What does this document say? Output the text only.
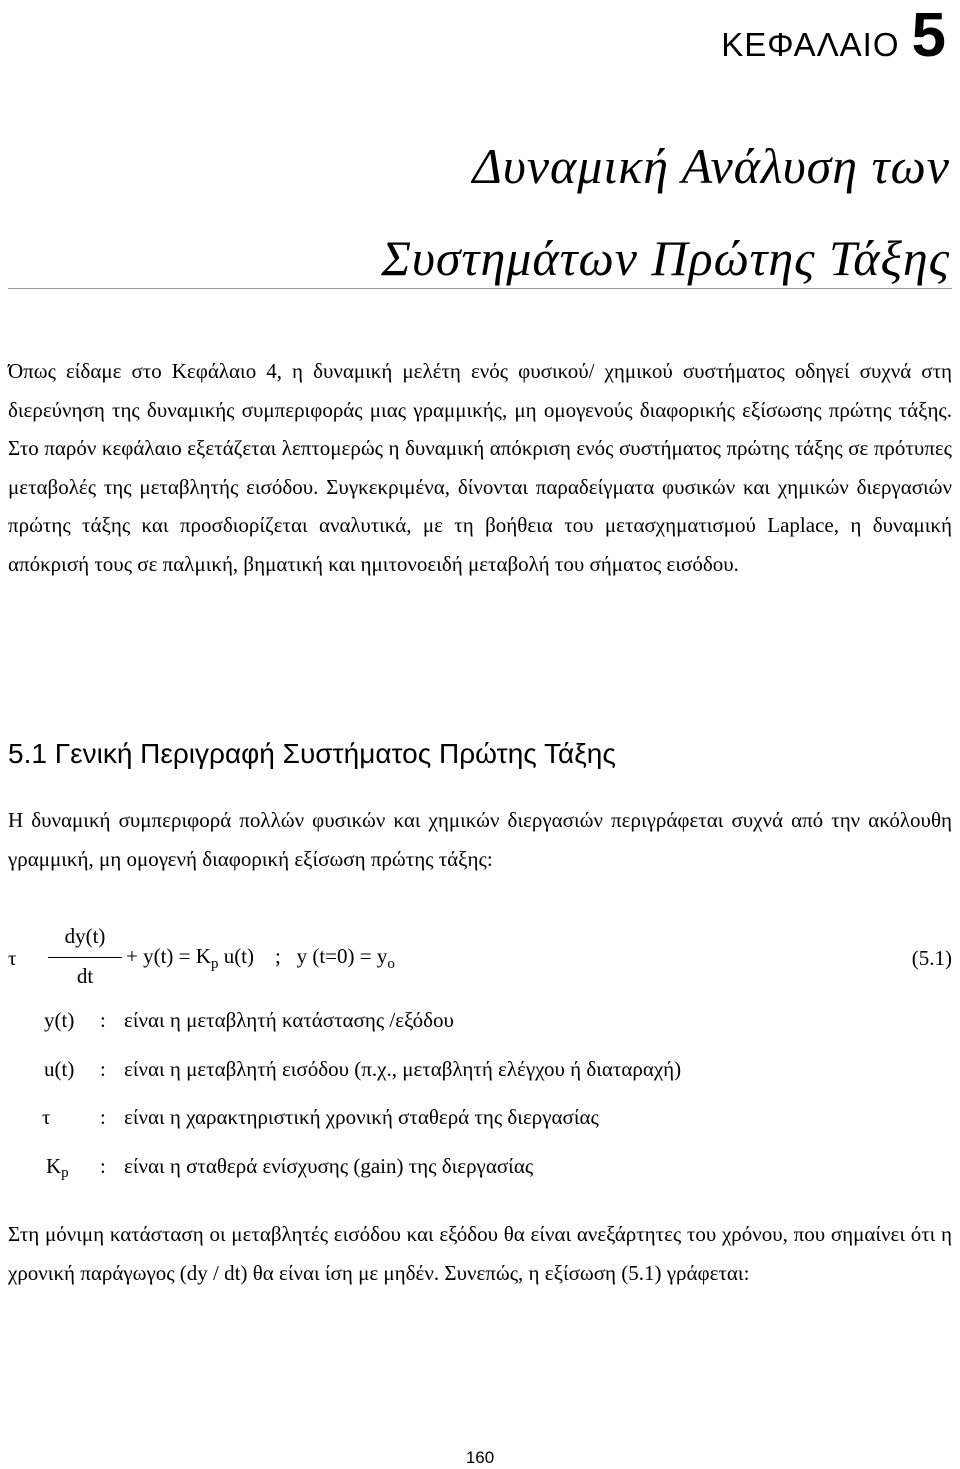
ΚΕΦΑΛΑΙΟ 5
Δυναμική Ανάλυση των
Συστημάτων Πρώτης Τάξης
Όπως είδαμε στο Κεφάλαιο 4, η δυναμική μελέτη ενός φυσικού/ χημικού συστήματος οδηγεί συχνά στη διερεύνηση της δυναμικής συμπεριφοράς μιας γραμμικής, μη ομογενούς διαφορικής εξίσωσης πρώτης τάξης. Στο παρόν κεφάλαιο εξετάζεται λεπτομερώς η δυναμική απόκριση ενός συστήματος πρώτης τάξης σε πρότυπες μεταβολές της μεταβλητής εισόδου. Συγκεκριμένα, δίνονται παραδείγματα φυσικών και χημικών διεργασιών πρώτης τάξης και προσδιορίζεται αναλυτικά, με τη βοήθεια του μετασχηματισμού Laplace, η δυναμική απόκρισή τους σε παλμική, βηματική και ημιτονοειδή μεταβολή του σήματος εισόδου.
5.1 Γενική Περιγραφή Συστήματος Πρώτης Τάξης
Η δυναμική συμπεριφορά πολλών φυσικών και χημικών διεργασιών περιγράφεται συχνά από την ακόλουθη γραμμική, μη ομογενή διαφορική εξίσωση πρώτης τάξης:
τ
dy(t)
dt
+ $y(t) = K_p$ u(t)    ;   y $(t=0) = y_o$	(5.1)
y(t) : είναι η μεταβλητή κατάστασης /εξόδου
u(t) : είναι η μεταβλητή εισόδου (π.χ., μεταβλητή ελέγχου ή διαταραχή)
τ : είναι η χαρακτηριστική χρονική σταθερά της διεργασίας
$K_p$ : είναι η σταθερά ενίσχυσης (gain) της διεργασίας
Στη μόνιμη κατάσταση οι μεταβλητές εισόδου και εξόδου θα είναι ανεξάρτητες του χρόνου, που σημαίνει ότι η χρονική παράγωγος (dy / dt) θα είναι ίση με μηδέν. Συνεπώς, η εξίσωση (5.1) γράφεται:
160
